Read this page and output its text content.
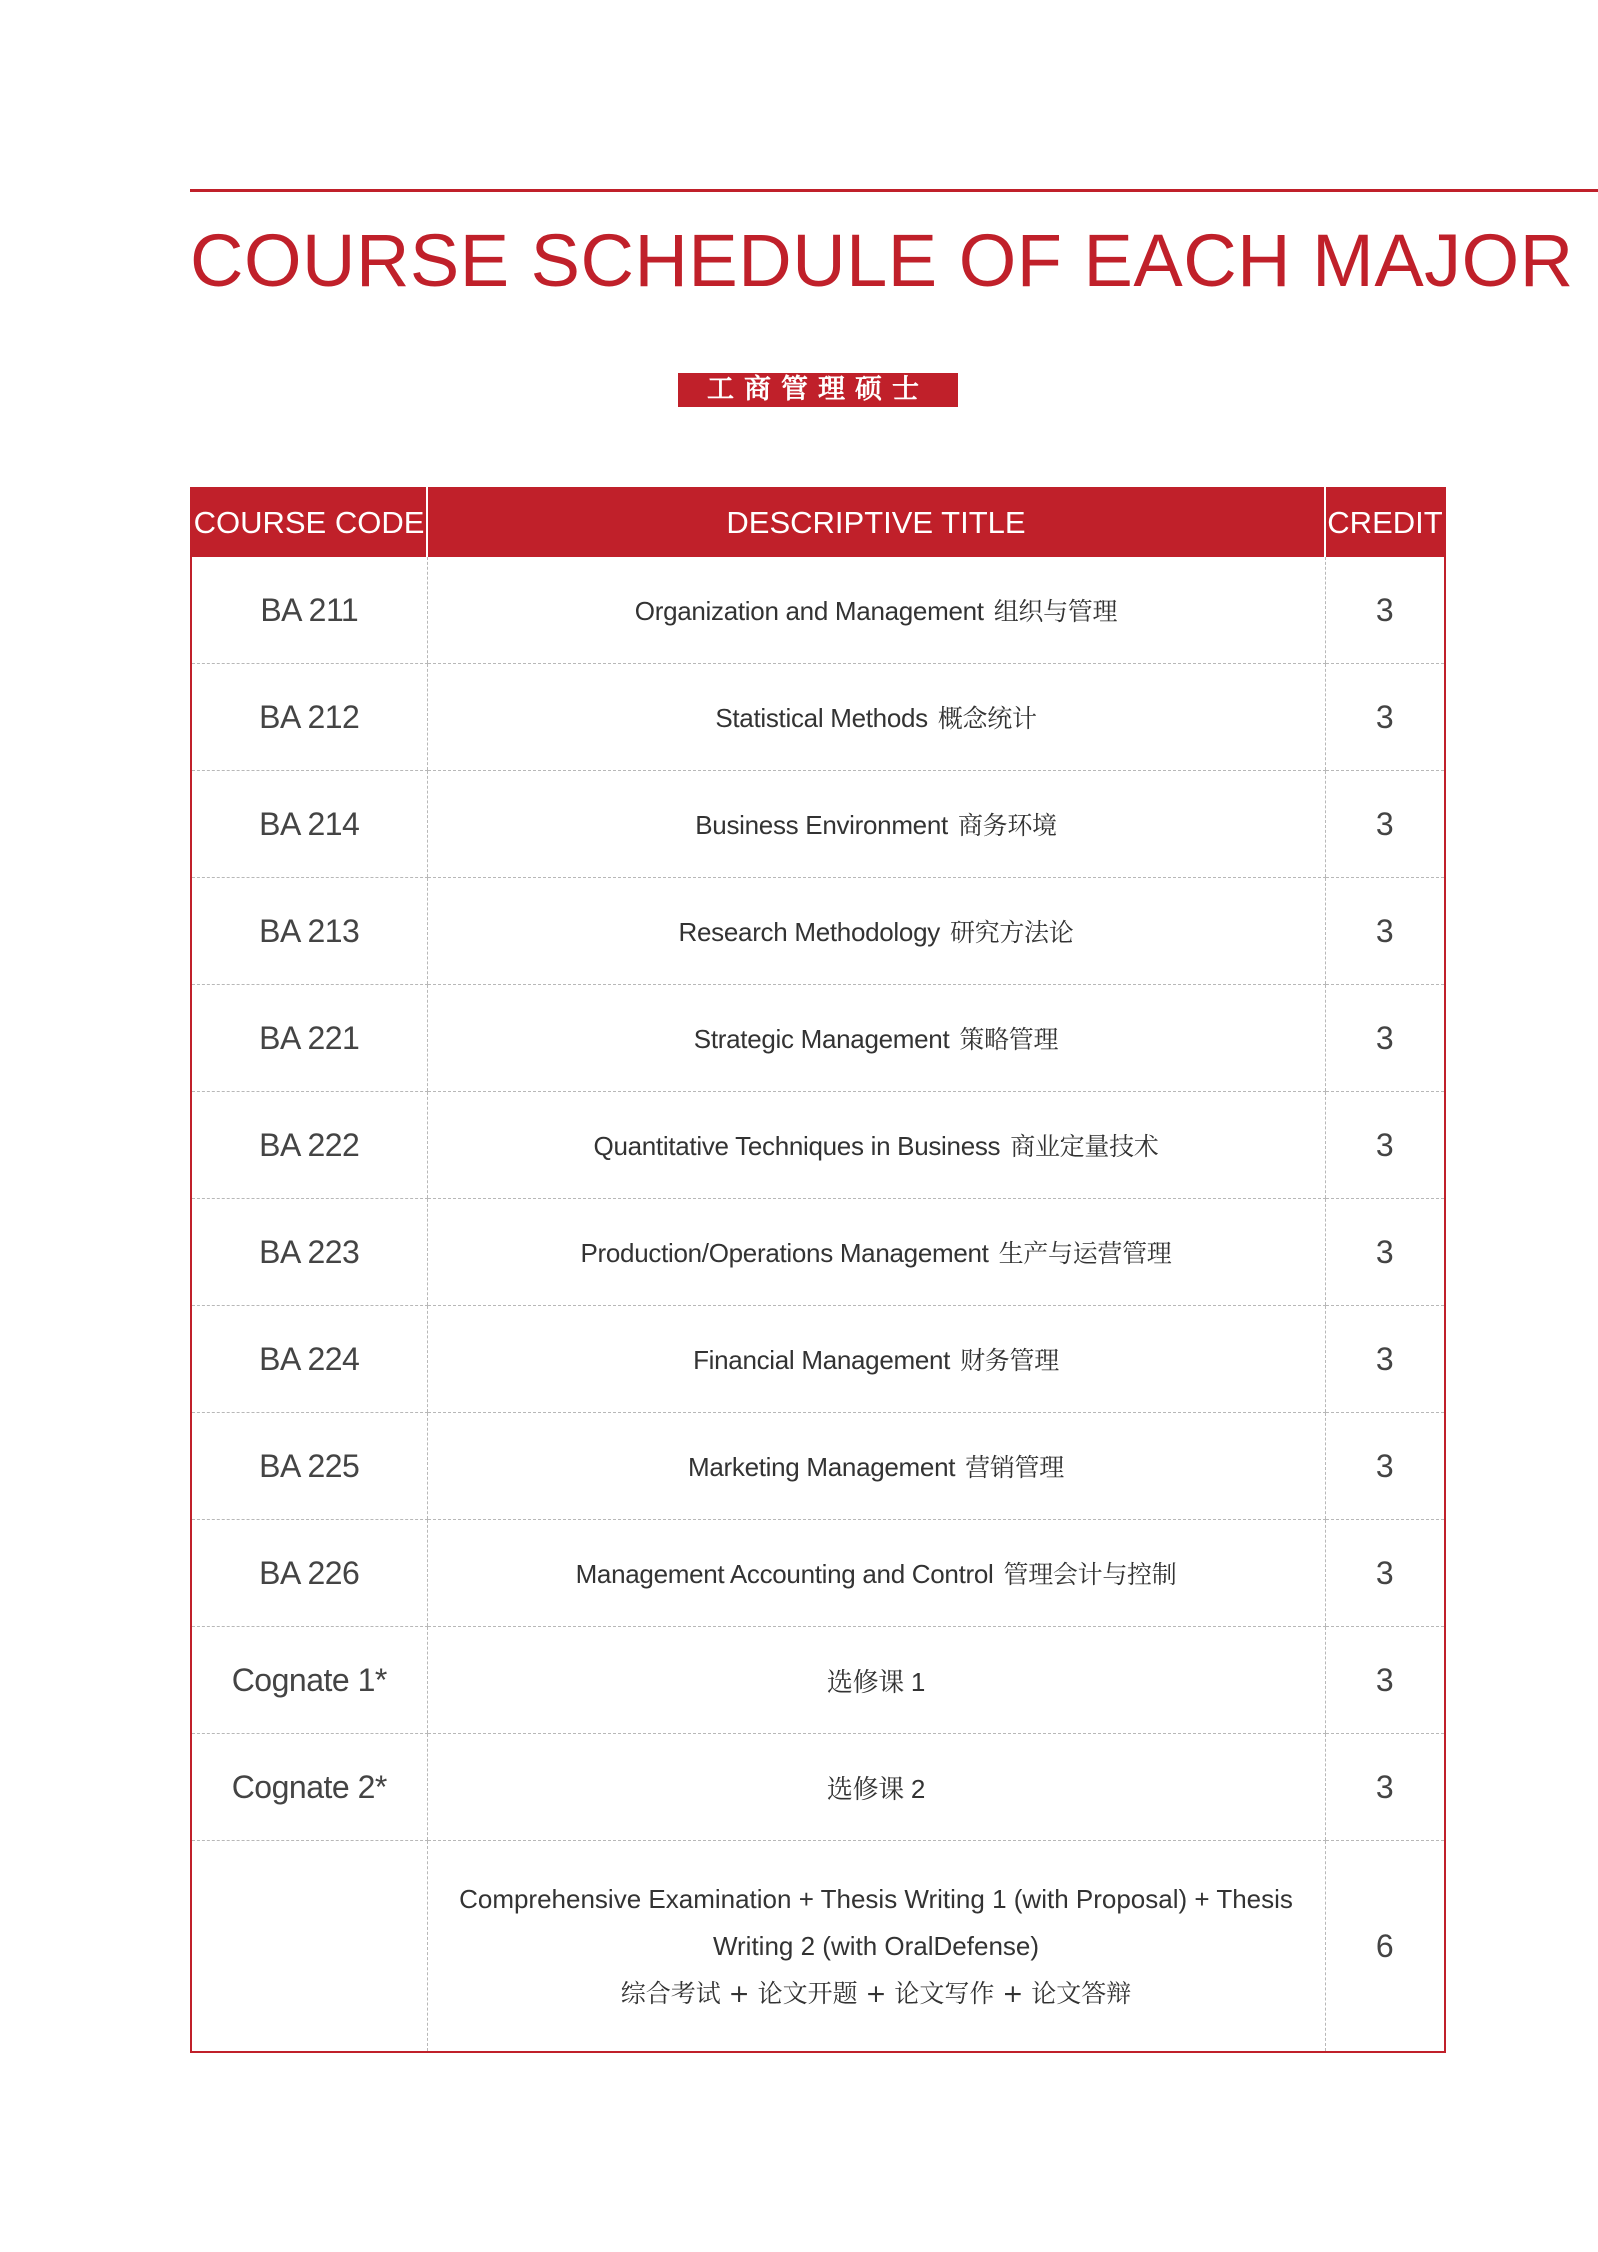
COURSE SCHEDULE OF EACH MAJOR
工商管理硕士
COURSE CODE	DESCRIPTIVE TITLE	CREDIT
BA 211	Organization and Management 组织与管理	3
BA 212	Statistical Methods 概念统计	3
BA 214	Business Environment 商务环境	3
BA 213	Research Methodology 研究方法论	3
BA 221	Strategic Management 策略管理	3
BA 222	Quantitative Techniques in Business 商业定量技术	3
BA 223	Production/Operations Management 生产与运营管理	3
BA 224	Financial Management 财务管理	3
BA 225	Marketing Management 营销管理	3
BA 226	Management Accounting and Control 管理会计与控制	3
Cognate 1*	选修课 1	3
Cognate 2*	选修课 2	3
	Comprehensive Examination + Thesis Writing 1 (with Proposal) + Thesis
Writing 2 (with OralDefense)
综合考试 + 论文开题 + 论文写作 + 论文答辩	6
